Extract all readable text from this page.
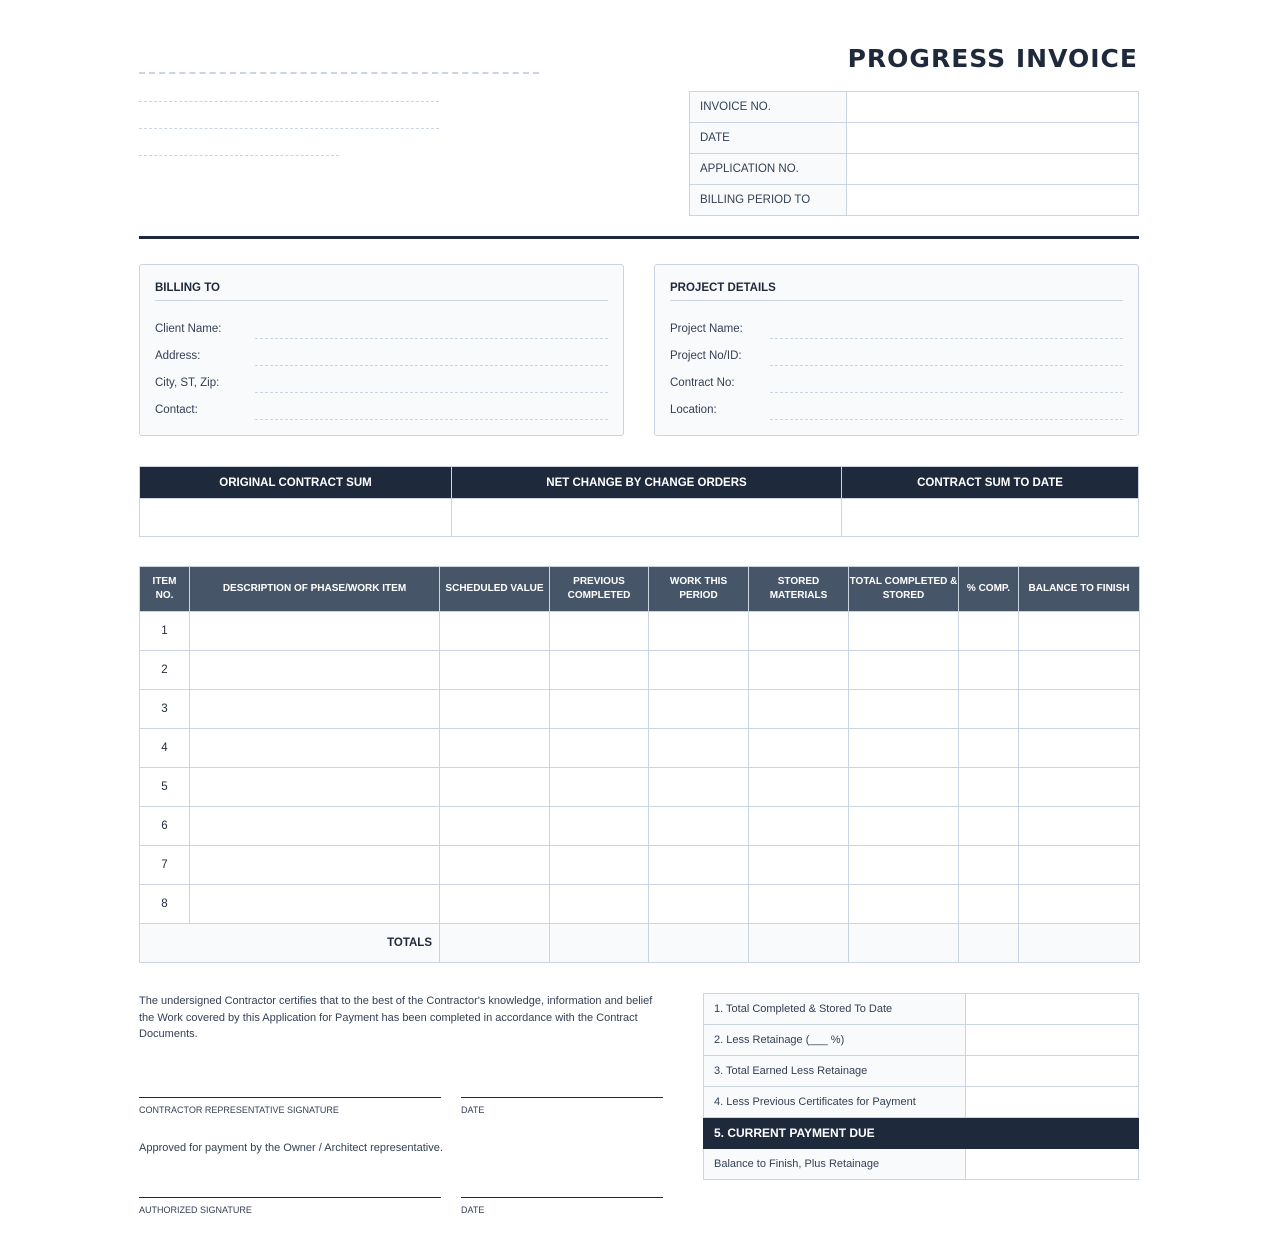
PROGRESS INVOICE
INVOICE NO.	
DATE	
APPLICATION NO.	
BILLING PERIOD TO	
BILLING TO
Client Name:
Address:
City, ST, Zip:
Contact:
PROJECT DETAILS
Project Name:
Project No/ID:
Contract No:
Location:
ORIGINAL CONTRACT SUM	NET CHANGE BY CHANGE ORDERS	CONTRACT SUM TO DATE

ITEM NO.	DESCRIPTION OF PHASE/WORK ITEM	SCHEDULED VALUE	PREVIOUS COMPLETED	WORK THIS PERIOD	STORED MATERIALS	TOTAL COMPLETED & STORED	% COMP.	BALANCE TO FINISH
1								
2								
3								
4								
5								
6								
7								
8								
TOTALS								
The undersigned Contractor certifies that to the best of the Contractor's knowledge, information and belief the Work covered by this Application for Payment has been completed in accordance with the Contract Documents.
CONTRACTOR REPRESENTATIVE SIGNATURE	DATE
Approved for payment by the Owner / Architect representative.
AUTHORIZED SIGNATURE	DATE
1. Total Completed & Stored To Date	
2. Less Retainage (___ %)	
3. Total Earned Less Retainage	
4. Less Previous Certificates for Payment	
5. CURRENT PAYMENT DUE	
Balance to Finish, Plus Retainage	
